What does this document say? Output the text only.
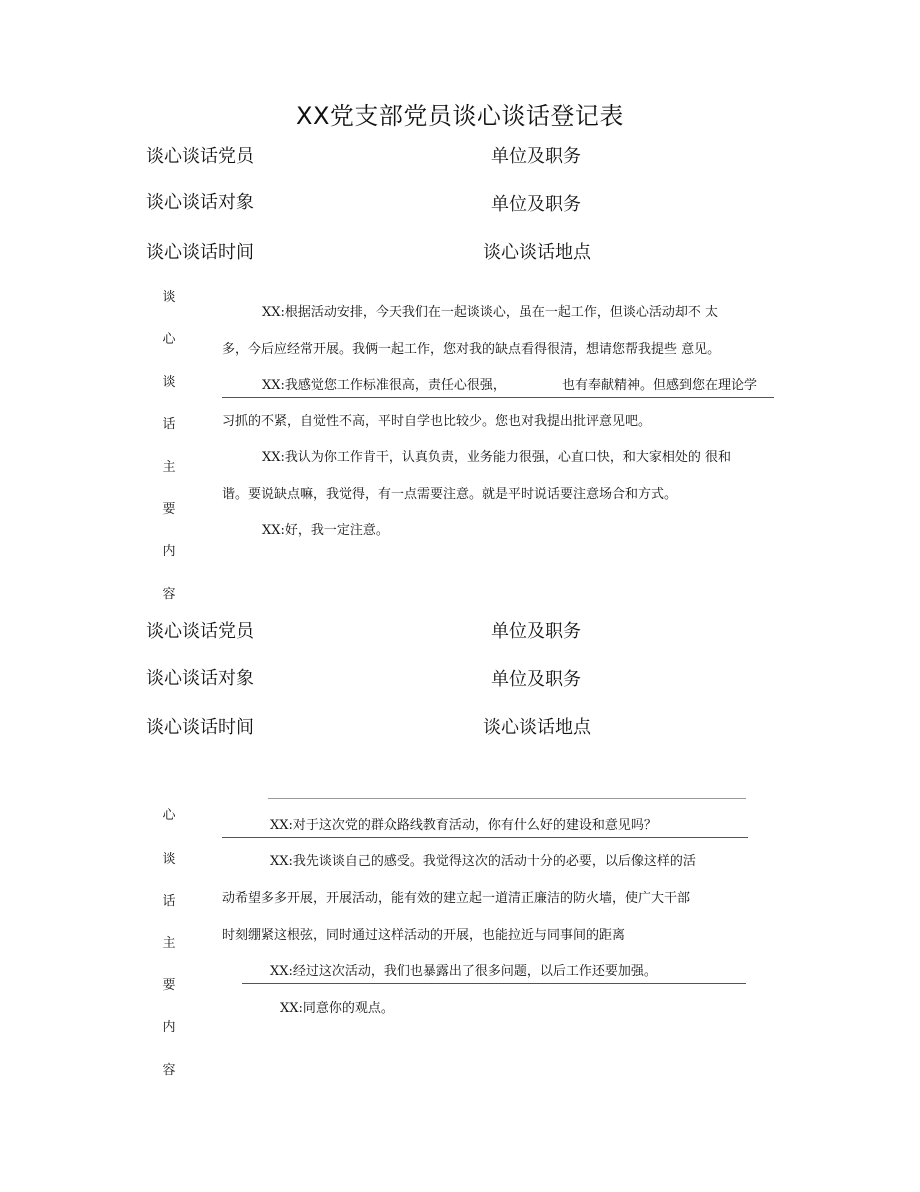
XX党支部党员谈心谈话登记表
谈心谈话党员	单位及职务
谈心谈话对象	单位及职务
谈心谈话时间	谈心谈话地点
谈
心
谈
话
主
要
内
容
XX:根据活动安排，今天我们在一起谈谈心，虽在一起工作，但谈心活动却不 太
多，今后应经常开展。我俩一起工作，您对我的缺点看得很清，想请您帮我提些 意见。
XX:我感觉您工作标准很高，责任心很强，	也有奉献精神。但感到您在理论学
习抓的不紧，自觉性不高，平时自学也比较少。您也对我提出批评意见吧。
XX:我认为你工作肯干，认真负责，业务能力很强，心直口快，和大家相处的 很和
谐。要说缺点嘛，我觉得，有一点需要注意。就是平时说话要注意场合和方式。
XX:好，我一定注意。
谈心谈话党员	单位及职务
谈心谈话对象	单位及职务
谈心谈话时间	谈心谈话地点
心
谈
话
主
要
内
容
XX:对于这次党的群众路线教育活动，你有什么好的建设和意见吗？
XX:我先谈谈自己的感受。我觉得这次的活动十分的必要，以后像这样的活
动希望多多开展，开展活动，能有效的建立起一道清正廉洁的防火墙，使广大干部
时刻绷紧这根弦，同时通过这样活动的开展，也能拉近与同事间的距离
XX:经过这次活动，我们也暴露出了很多问题，以后工作还要加强。
XX:同意你的观点。
